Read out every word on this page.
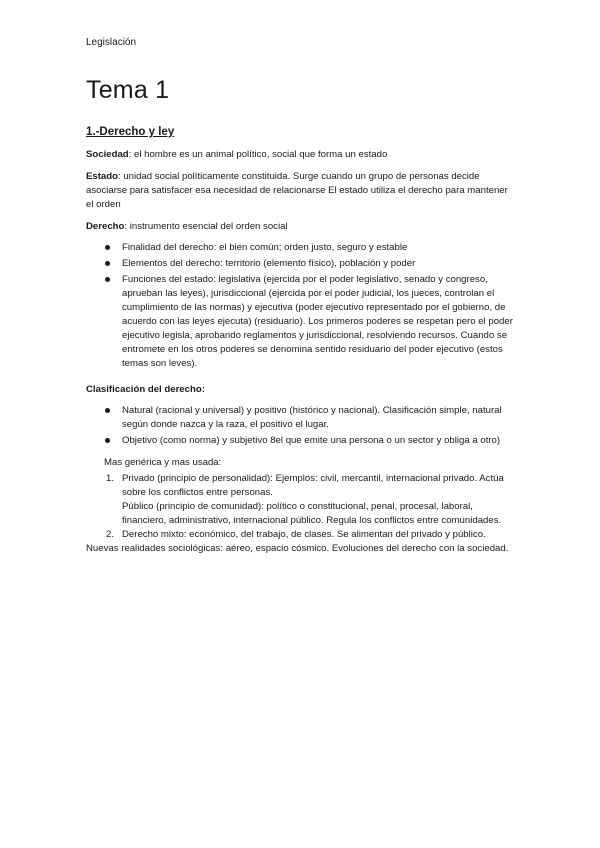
Legislación

Tema 1
1.-Derecho y ley

Sociedad: el hombre es un animal político, social que forma un estado

Estado: unidad social políticamente constituida. Surge cuando un grupo de personas decide asociarse para satisfacer esa necesidad de relacionarse El estado utiliza el derecho para mantener el orden

Derecho: instrumento esencial del orden social

Finalidad del derecho: el bien común; orden justo, seguro y estable
Elementos del derecho: territorio (elemento físico), población y poder
Funciones del estado: legislativa (ejercida por el poder legislativo, senado y congreso, aprueban las leyes), jurisdiccional (ejercida por el poder judicial, los jueces, controlan el cumplimiento de las normas) y ejecutiva (poder ejecutivo representado por el gobierno, de acuerdo con las leyes ejecuta) (residuario). Los primeros poderes se respetan pero el poder ejecutivo legisla, aprobando reglamentos y jurisdiccional, resolviendo recursos. Cuando se entromete en los otros poderes se denomina sentido residuario del poder ejecutivo (estos temas son leves).

Clasificación del derecho:

Natural (racional y universal) y positivo (histórico y nacional). Clasificación simple, natural según donde nazca y la raza, el positivo el lugar.
Objetivo (como norma) y subjetivo 8el que emite una persona o un sector y obliga a otro)

Mas genérica y mas usada:

1. Privado (principio de personalidad): Ejemplos: civil, mercantil, internacional privado. Actúa sobre los conflictos entre personas.
Público (principio de comunidad): político o constitucional, penal, procesal, laboral, financiero, administrativo, internacional público. Regula los conflictos entre comunidades.
2. Derecho mixto: económico, del trabajo, de clases. Se alimentan del privado y público.

Nuevas realidades sociológicas: aéreo, espacio cósmico. Evoluciones del derecho con la sociedad.
